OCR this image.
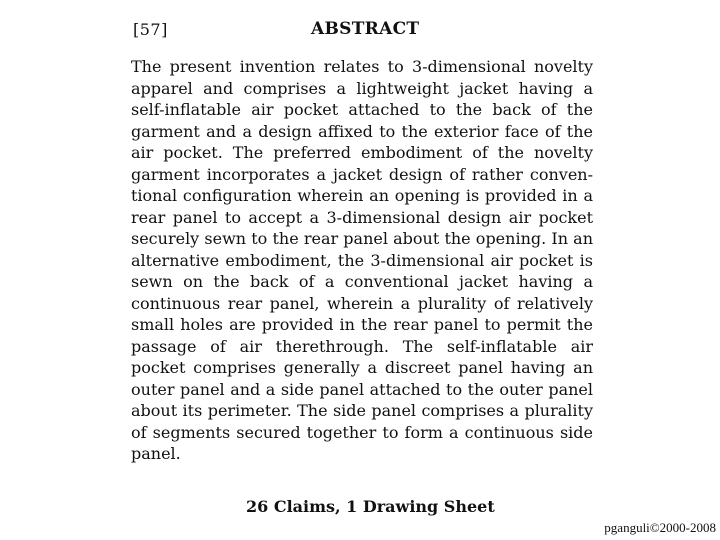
[57]	ABSTRACT
The present invention relates to 3-dimensional novelty
apparel and comprises a lightweight jacket having a
self-inflatable air pocket attached to the back of the
garment and a design affixed to the exterior face of the
air pocket. The preferred embodiment of the novelty
garment incorporates a jacket design of rather conven-
tional configuration wherein an opening is provided in a
rear panel to accept a 3-dimensional design air pocket
securely sewn to the rear panel about the opening. In an
alternative embodiment, the 3-dimensional air pocket is
sewn on the back of a conventional jacket having a
continuous rear panel, wherein a plurality of relatively
small holes are provided in the rear panel to permit the
passage of air therethrough. The self-inflatable air
pocket comprises generally a discreet panel having an
outer panel and a side panel attached to the outer panel
about its perimeter. The side panel comprises a plurality
of segments secured together to form a continuous side
panel.
26 Claims, 1 Drawing Sheet
pganguli©2000-2008
